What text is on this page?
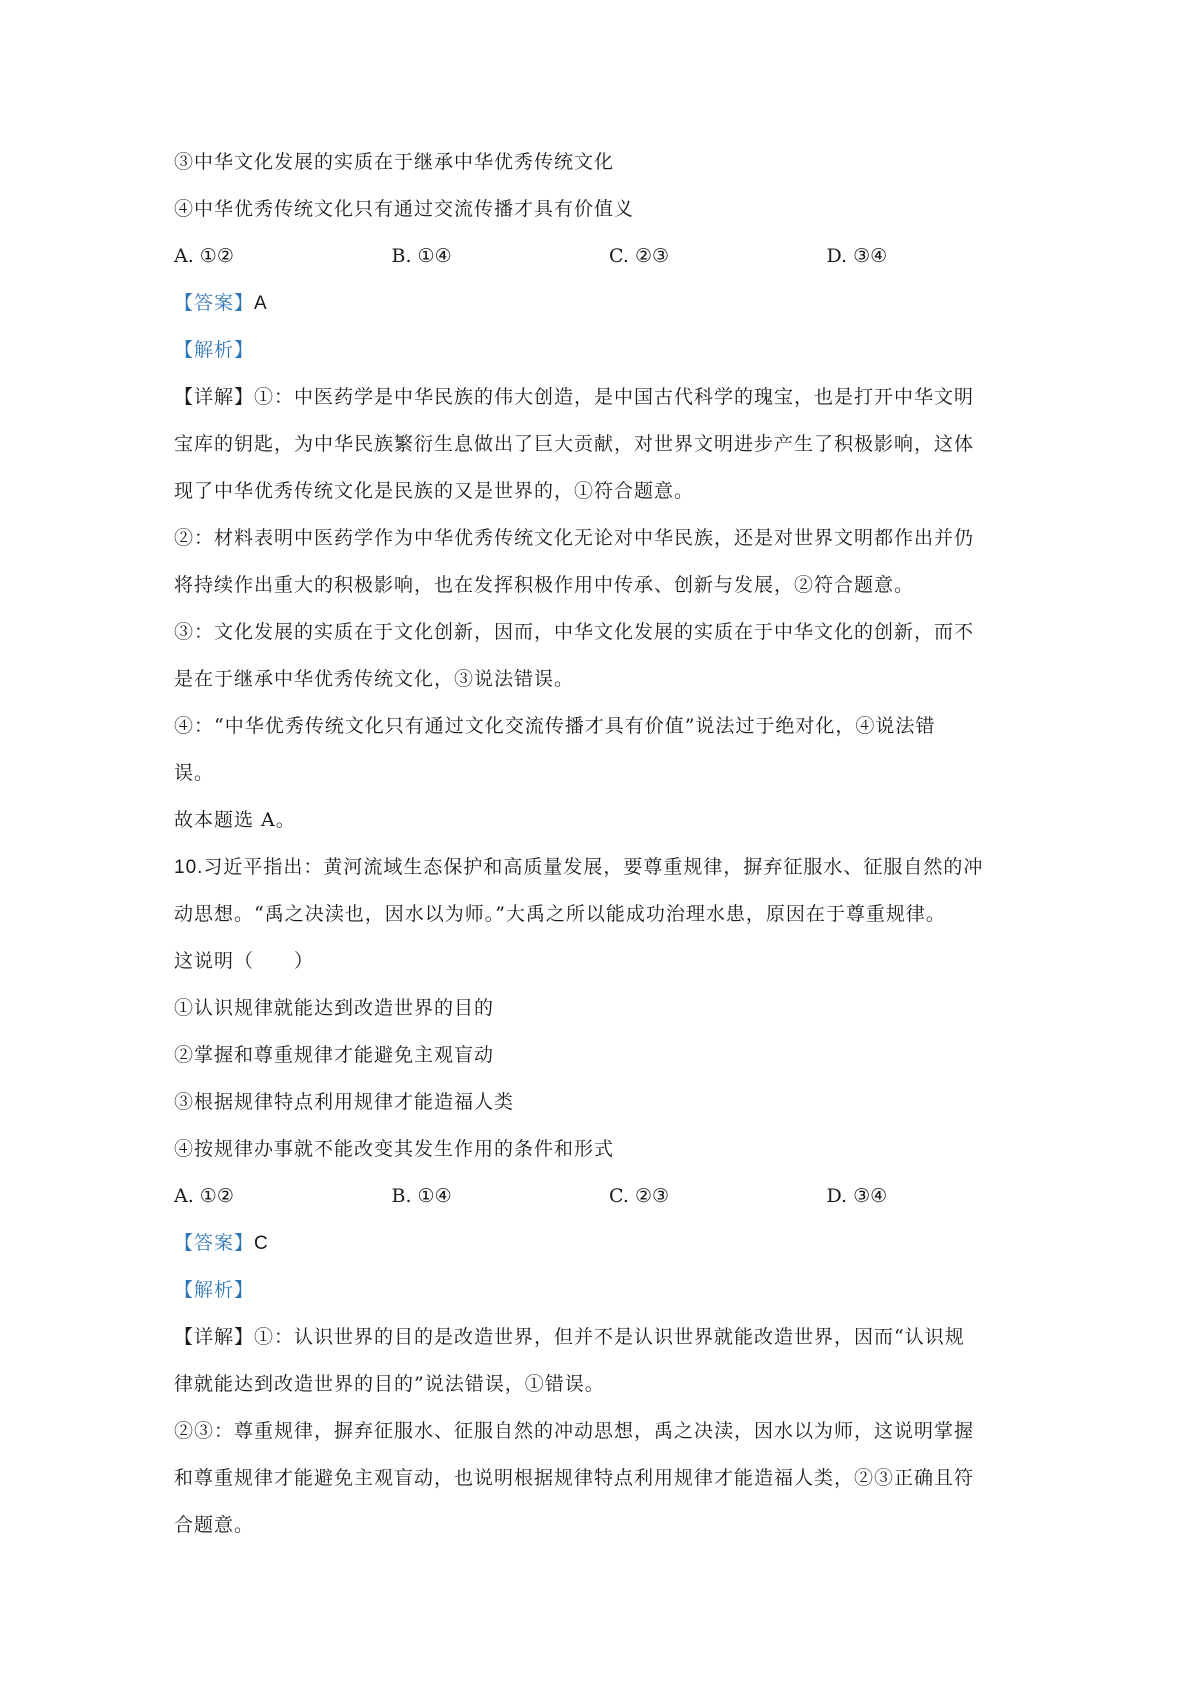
③中华文化发展的实质在于继承中华优秀传统文化
④中华优秀传统文化只有通过交流传播才具有价值义
A. ①②	B. ①④	C. ②③	D. ③④
【答案】A
【解析】
【详解】①：中医药学是中华民族的伟大创造，是中国古代科学的瑰宝，也是打开中华文明
宝库的钥匙，为中华民族繁衍生息做出了巨大贡献，对世界文明进步产生了积极影响，这体
现了中华优秀传统文化是民族的又是世界的，①符合题意。
②：材料表明中医药学作为中华优秀传统文化无论对中华民族，还是对世界文明都作出并仍
将持续作出重大的积极影响，也在发挥积极作用中传承、创新与发展，②符合题意。
③：文化发展的实质在于文化创新，因而，中华文化发展的实质在于中华文化的创新，而不
是在于继承中华优秀传统文化，③说法错误。
④：“中华优秀传统文化只有通过文化交流传播才具有价值”说法过于绝对化，④说法错
误。
故本题选 A。
10.习近平指出：黄河流域生态保护和高质量发展，要尊重规律，摒弃征服水、征服自然的冲
动思想。“禹之决渎也，因水以为师。”大禹之所以能成功治理水患，原因在于尊重规律。
这说明（　　）
①认识规律就能达到改造世界的目的
②掌握和尊重规律才能避免主观盲动
③根据规律特点利用规律才能造福人类
④按规律办事就不能改变其发生作用的条件和形式
A. ①②	B. ①④	C. ②③	D. ③④
【答案】C
【解析】
【详解】①：认识世界的目的是改造世界，但并不是认识世界就能改造世界，因而“认识规
律就能达到改造世界的目的”说法错误，①错误。
②③：尊重规律，摒弃征服水、征服自然的冲动思想，禹之决渎，因水以为师，这说明掌握
和尊重规律才能避免主观盲动，也说明根据规律特点利用规律才能造福人类，②③正确且符
合题意。
